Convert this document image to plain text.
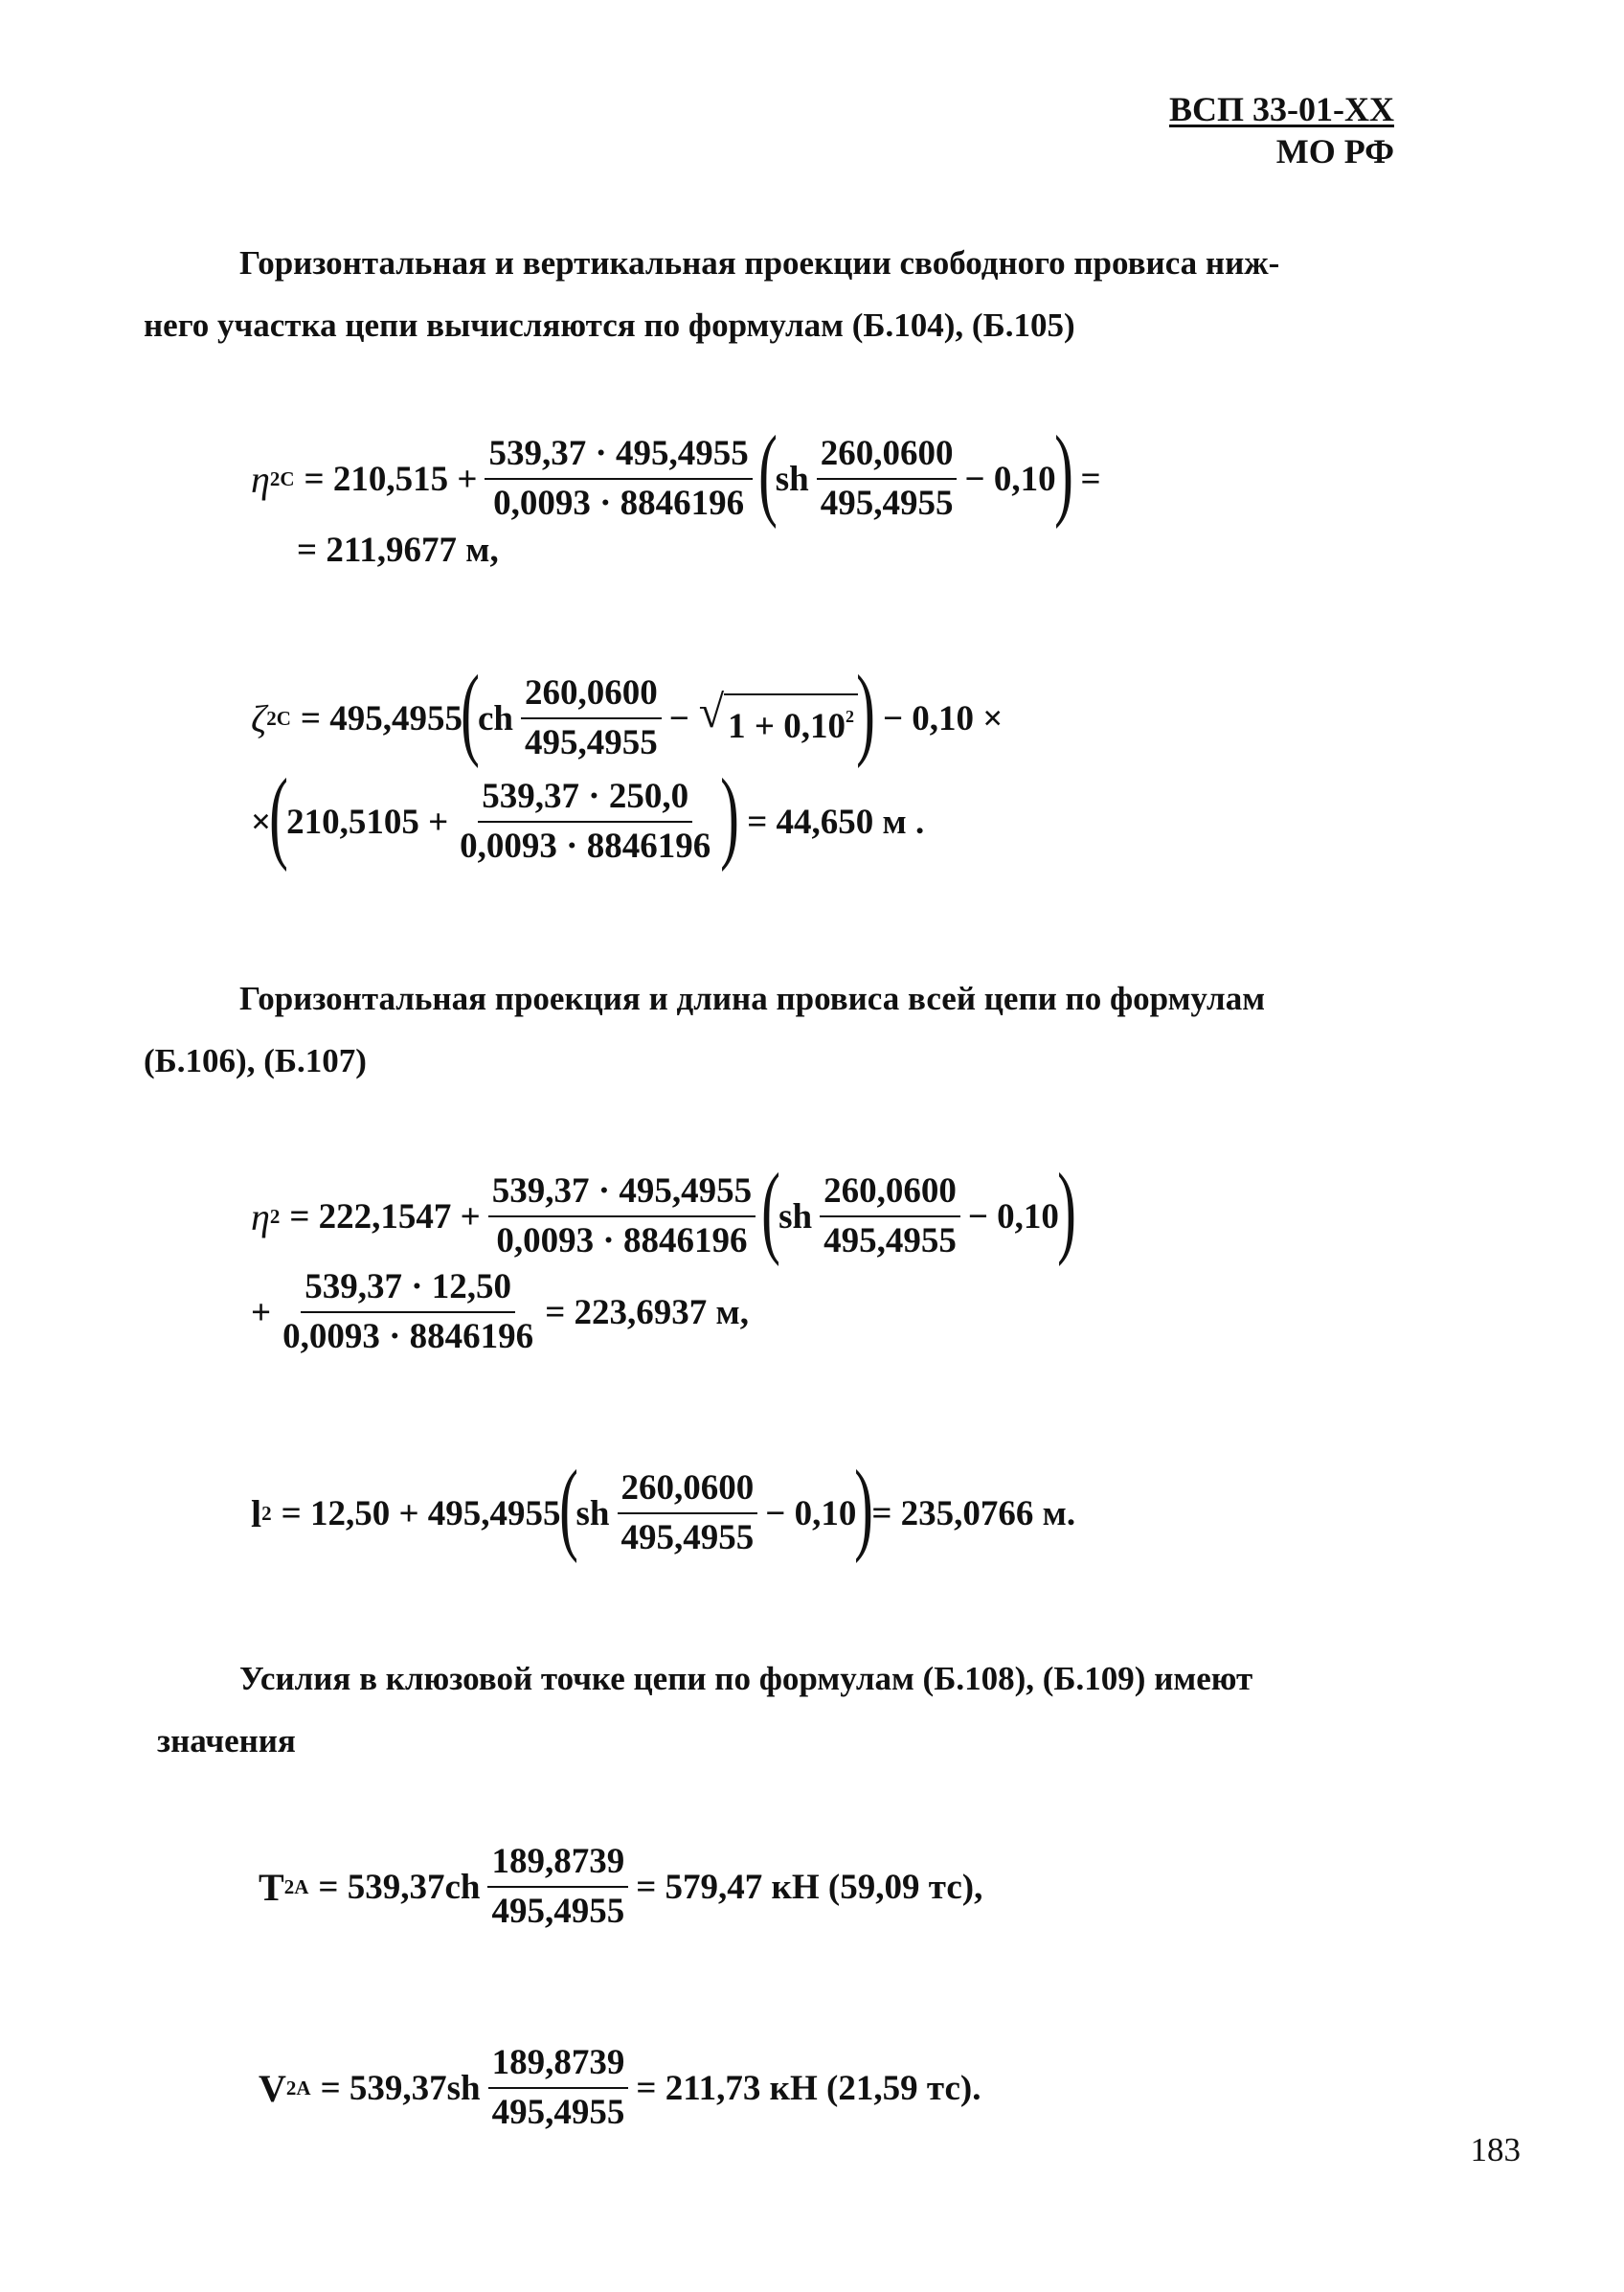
ВСП 33-01-ХХ
МО РФ
Горизонтальная и вертикальная проекции свободного провиса ниж-
него участка цепи вычисляются по формулам (Б.104), (Б.105)
η $2C = 210,515 + \frac{539,37 \cdot 495,4955}{0,0093 \cdot 8846196}$ (
sh $\frac{260,0600}{495,4955} - 0,10$
) =
= 211,9677 м,
ζ 2C = 495,4955
(
ch $\frac{260,0600}{495,4955}$ − √ $1 + 0,10^2$ ) − 0,10 ×
×
(
$210,5105 + \frac{539,37 \cdot 250,0}{0,0093 \cdot 8846196}$ ) = 44,650 м .
Горизонтальная проекция и длина провиса всей цепи по формулам
(Б.106), (Б.107)
η $2 = 222,1547 + \frac{539,37 \cdot 495,4955}{0,0093 \cdot 8846196}$ (
sh $\frac{260,0600}{495,4955} - 0,10$
)
+ $\frac{539,37 \cdot 12,50}{0,0093 \cdot 8846196} = 223,6937$ м,
l 2 = 12,50 + 495,4955
(
sh $\frac{260,0600}{495,4955} - 0,10$
)
= 235,0766 м.
Усилия в клюзовой точке цепи по формулам (Б.108), (Б.109) имеют
значения
T $2A = 539,37ch \frac{189,8739}{495,4955} = 579,47$ кН (59,09 тс),
V $2A = 539,37sh \frac{189,8739}{495,4955} = 211,73$ кН (21,59 тс).
183
